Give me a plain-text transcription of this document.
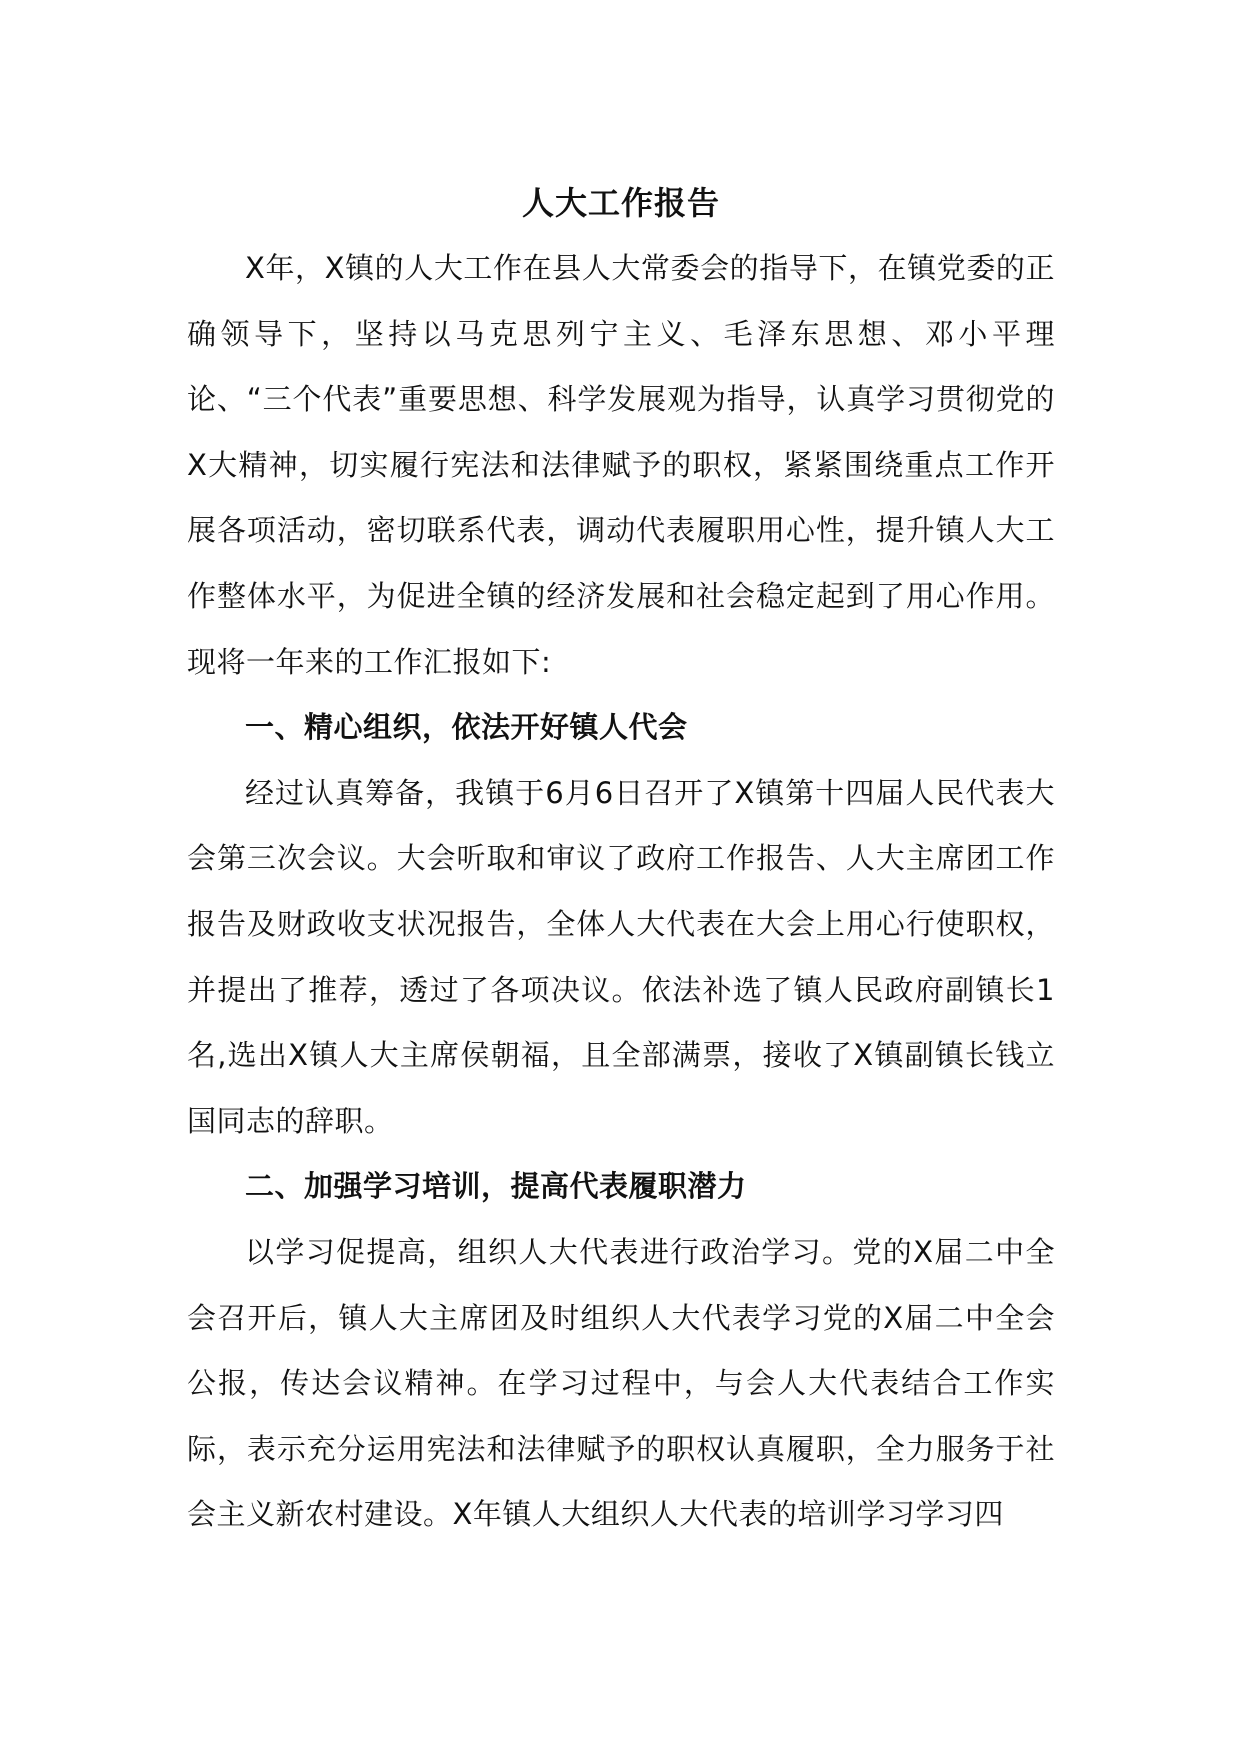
人大工作报告

X年，X镇的人大工作在县人大常委会的指导下，在镇党委的正确领导下，坚持以马克思列宁主义、毛泽东思想、邓小平理论、“三个代表”重要思想、科学发展观为指导，认真学习贯彻党的X大精神，切实履行宪法和法律赋予的职权，紧紧围绕重点工作开展各项活动，密切联系代表，调动代表履职用心性，提升镇人大工作整体水平，为促进全镇的经济发展和社会稳定起到了用心作用。现将一年来的工作汇报如下:

一、精心组织，依法开好镇人代会

经过认真筹备，我镇于6月6日召开了X镇第十四届人民代表大会第三次会议。大会听取和审议了政府工作报告、人大主席团工作报告及财政收支状况报告，全体人大代表在大会上用心行使职权，并提出了推荐，透过了各项决议。依法补选了镇人民政府副镇长1名,选出X镇人大主席侯朝福，且全部满票，接收了X镇副镇长钱立国同志的辞职。

二、加强学习培训，提高代表履职潜力

以学习促提高，组织人大代表进行政治学习。党的X届二中全会召开后，镇人大主席团及时组织人大代表学习党的X届二中全会公报，传达会议精神。在学习过程中，与会人大代表结合工作实际，表示充分运用宪法和法律赋予的职权认真履职，全力服务于社会主义新农村建设。X年镇人大组织人大代表的培训学习学习四
